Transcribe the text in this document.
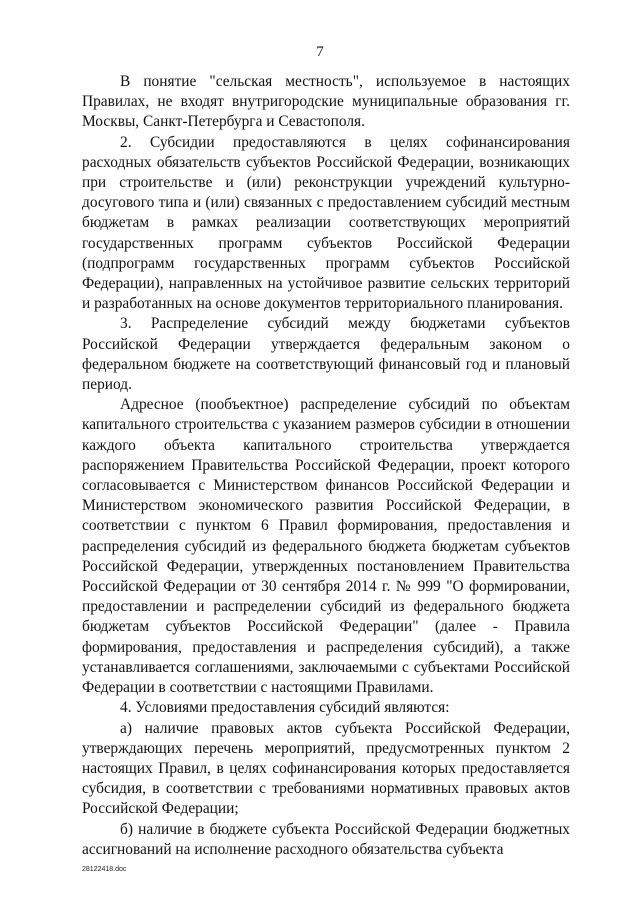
7

В понятие "сельская местность", используемое в настоящих Правилах, не входят внутригородские муниципальные образования гг. Москвы, Санкт-Петербурга и Севастополя.

2. Субсидии предоставляются в целях софинансирования расходных обязательств субъектов Российской Федерации, возникающих при строительстве и (или) реконструкции учреждений культурно-досугового типа и (или) связанных с предоставлением субсидий местным бюджетам в рамках реализации соответствующих мероприятий государственных программ субъектов Российской Федерации (подпрограмм государственных программ субъектов Российской Федерации), направленных на устойчивое развитие сельских территорий и разработанных на основе документов территориального планирования.

3. Распределение субсидий между бюджетами субъектов Российской Федерации утверждается федеральным законом о федеральном бюджете на соответствующий финансовый год и плановый период.

Адресное (пообъектное) распределение субсидий по объектам капитального строительства с указанием размеров субсидии в отношении каждого объекта капитального строительства утверждается распоряжением Правительства Российской Федерации, проект которого согласовывается с Министерством финансов Российской Федерации и Министерством экономического развития Российской Федерации, в соответствии с пунктом 6 Правил формирования, предоставления и распределения субсидий из федерального бюджета бюджетам субъектов Российской Федерации, утвержденных постановлением Правительства Российской Федерации от 30 сентября 2014 г. № 999 "О формировании, предоставлении и распределении субсидий из федерального бюджета бюджетам субъектов Российской Федерации" (далее - Правила формирования, предоставления и распределения субсидий), а также устанавливается соглашениями, заключаемыми с субъектами Российской Федерации в соответствии с настоящими Правилами.

4. Условиями предоставления субсидий являются:

а) наличие правовых актов субъекта Российской Федерации, утверждающих перечень мероприятий, предусмотренных пунктом 2 настоящих Правил, в целях софинансирования которых предоставляется субсидия, в соответствии с требованиями нормативных правовых актов Российской Федерации;

б) наличие в бюджете субъекта Российской Федерации бюджетных ассигнований на исполнение расходного обязательства субъекта

28122418.doc
